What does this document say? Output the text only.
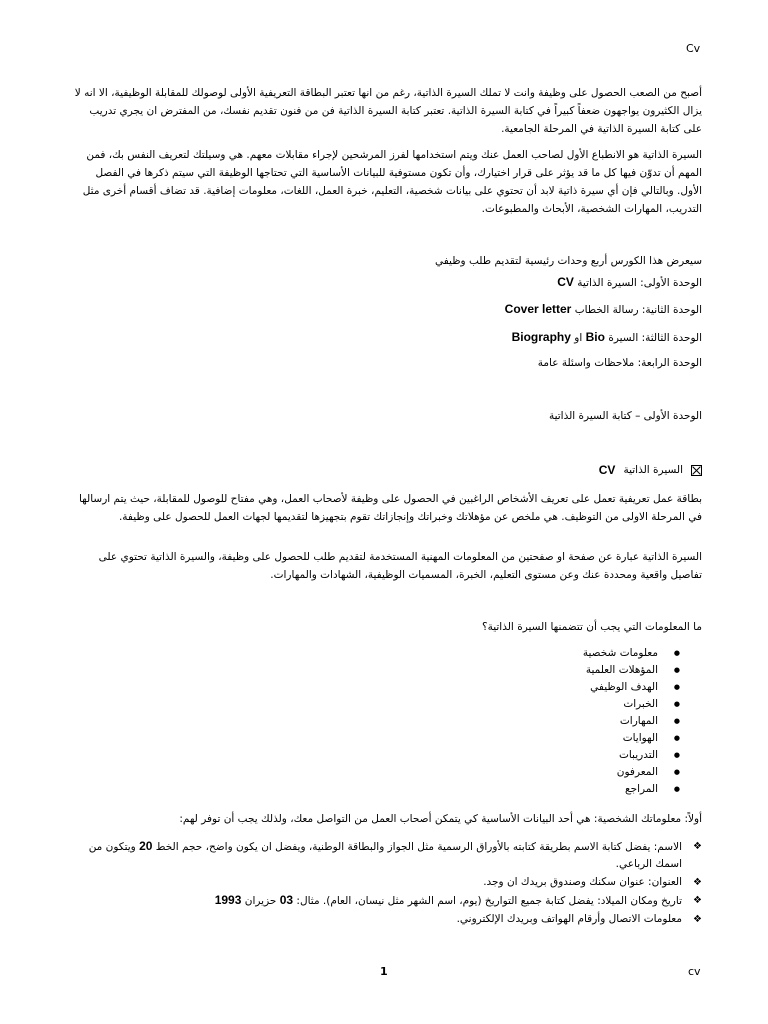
Cv
أصبح من الصعب الحصول على وظيفة وانت لا تملك السيرة الذاتية، رغم من انها تعتبر البطاقة التعريفية الأولى لوصولك للمقابلة الوظيفية، الا انه لا يزال الكثيرون يواجهون ضعفاً كبيراً في كتابة السيرة الذاتية. تعتبر كتابة السيرة الذاتية فن من فنون تقديم نفسك، من المفترض ان يجري تدريب على كتابة السيرة الذاتية في المرحلة الجامعية.
السيرة الذاتية هو الانطباع الأول لصاحب العمل عنك ويتم استخدامها لفرز المرشحين لإجراء مقابلات معهم. هي وسيلتك لتعريف النفس بك، فمن المهم أن تدوّن فيها كل ما قد يؤثر على قرار اختيارك، وأن تكون مستوفية للبيانات الأساسية التي تحتاجها الوظيفة التي سيتم ذكرها في الفصل الأول. وبالتالي فإن أي سيرة ذاتية لابد أن تحتوي على بيانات شخصية، التعليم، خبرة العمل، اللغات، معلومات إضافية. قد تضاف أقسام أخرى مثل التدريب، المهارات الشخصية، الأبحاث والمطبوعات.
سيعرض هذا الكورس أربع وحدات رئيسية لتقديم طلب وظيفي
الوحدة الأولى: السيرة الذاتية CV
الوحدة الثانية: رسالة الخطاب Cover letter
الوحدة الثالثة: السيرة Bio او Biography
الوحدة الرابعة: ملاحظات واسئلة عامة
الوحدة الأولى – كتابة السيرة الذاتية
السيرة الذاتية
CV
بطاقة عمل تعريفية تعمل على تعريف الأشخاص الراغبين في الحصول على وظيفة لأصحاب العمل، وهي مفتاح للوصول للمقابلة، حيث يتم ارسالها في المرحلة الاولى من التوظيف. هي ملخص عن مؤهلاتك وخبراتك وإنجازاتك تقوم بتجهيزها لتقديمها لجهات العمل للحصول على وظيفة.
السيرة الذاتية عبارة عن صفحة او صفحتين من المعلومات المهنية المستخدمة لتقديم طلب للحصول على وظيفة، والسيرة الذاتية تحتوي على تفاصيل واقعية ومحددة عنك وعن مستوى التعليم، الخبرة، المسميات الوظيفية، الشهادات والمهارات.
ما المعلومات التي يجب أن تتضمنها السيرة الذاتية؟
● معلومات شخصية
● المؤهلات العلمية
● الهدف الوظيفي
● الخبرات
● المهارات
● الهوايات
● التدريبات
● المعرفون
● المراجع
أولاً: معلوماتك الشخصية: هي أحد البيانات الأساسية كي يتمكن أصحاب العمل من التواصل معك، ولذلك يجب أن توفر لهم:
❖ الاسم: يفضل كتابة الاسم بطريقة كتابته بالأوراق الرسمية مثل الجواز والبطاقة الوطنية، ويفضل ان يكون واضح، حجم الخط 20 ويتكون من اسمك الرباعي.
❖ العنوان: عنوان سكنك وصندوق بريدك ان وجد.
❖ تاريخ ومكان الميلاد: يفضل كتابة جميع التواريخ (يوم، اسم الشهر مثل نيسان، العام). مثال: 03 حزيران 1993
❖ معلومات الاتصال وأرقام الهواتف وبريدك الإلكتروني.
1	cv
